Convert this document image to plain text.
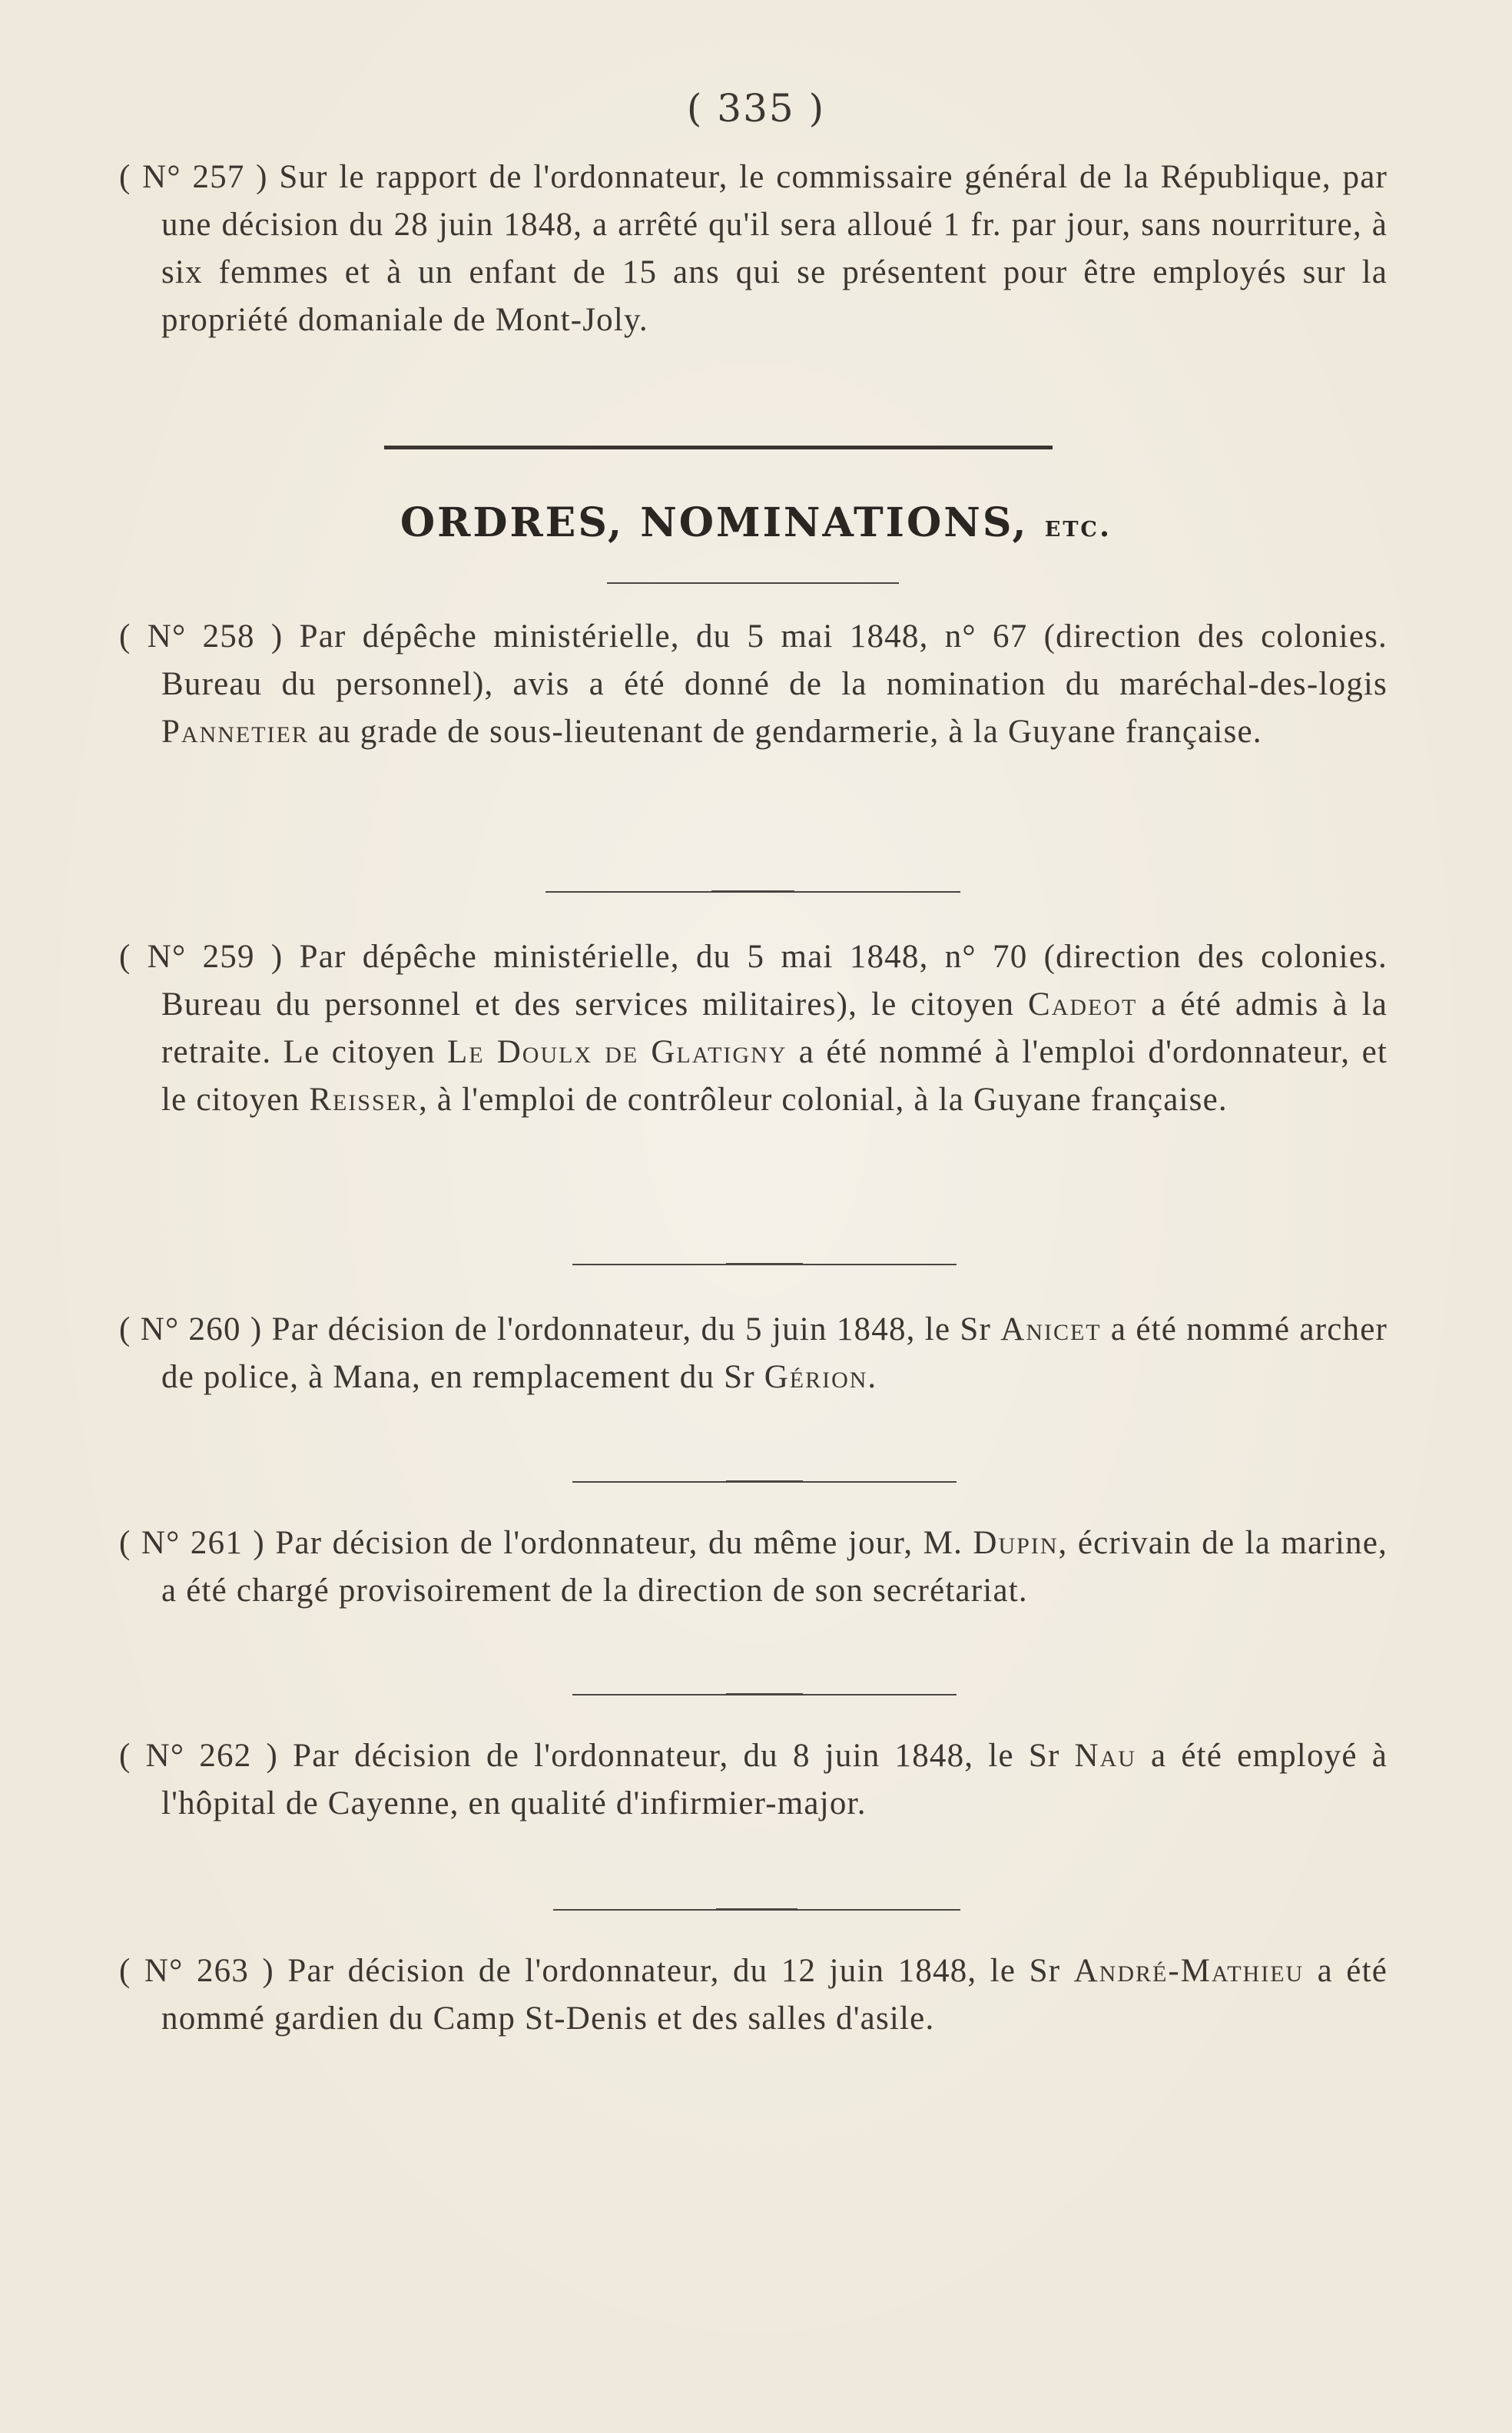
( 335 )
( N° 257 ) Sur le rapport de l'ordonnateur, le commissaire général de la République, par une décision du 28 juin 1848, a arrêté qu'il sera alloué 1 fr. par jour, sans nourriture, à six femmes et à un enfant de 15 ans qui se présentent pour être employés sur la propriété domaniale de Mont-Joly.
ORDRES, NOMINATIONS, etc.
( N° 258 ) Par dépêche ministérielle, du 5 mai 1848, n° 67 (direction des colonies. Bureau du personnel), avis a été donné de la nomination du maréchal-des-logis Pannetier au grade de sous-lieutenant de gendarmerie, à la Guyane française.
( N° 259 ) Par dépêche ministérielle, du 5 mai 1848, n° 70 (direction des colonies. Bureau du personnel et des services militaires), le citoyen Cadeot a été admis à la retraite. Le citoyen Le Doulx de Glatigny a été nommé à l'emploi d'ordonnateur, et le citoyen Reisser, à l'emploi de contrôleur colonial, à la Guyane française.
( N° 260 ) Par décision de l'ordonnateur, du 5 juin 1848, le Sr Anicet a été nommé archer de police, à Mana, en remplacement du Sr Gérion.
( N° 261 ) Par décision de l'ordonnateur, du même jour, M. Dupin, écrivain de la marine, a été chargé provisoirement de la direction de son secrétariat.
( N° 262 ) Par décision de l'ordonnateur, du 8 juin 1848, le Sr Nau a été employé à l'hôpital de Cayenne, en qualité d'infirmier-major.
( N° 263 ) Par décision de l'ordonnateur, du 12 juin 1848, le Sr André-Mathieu a été nommé gardien du Camp St-Denis et des salles d'asile.
